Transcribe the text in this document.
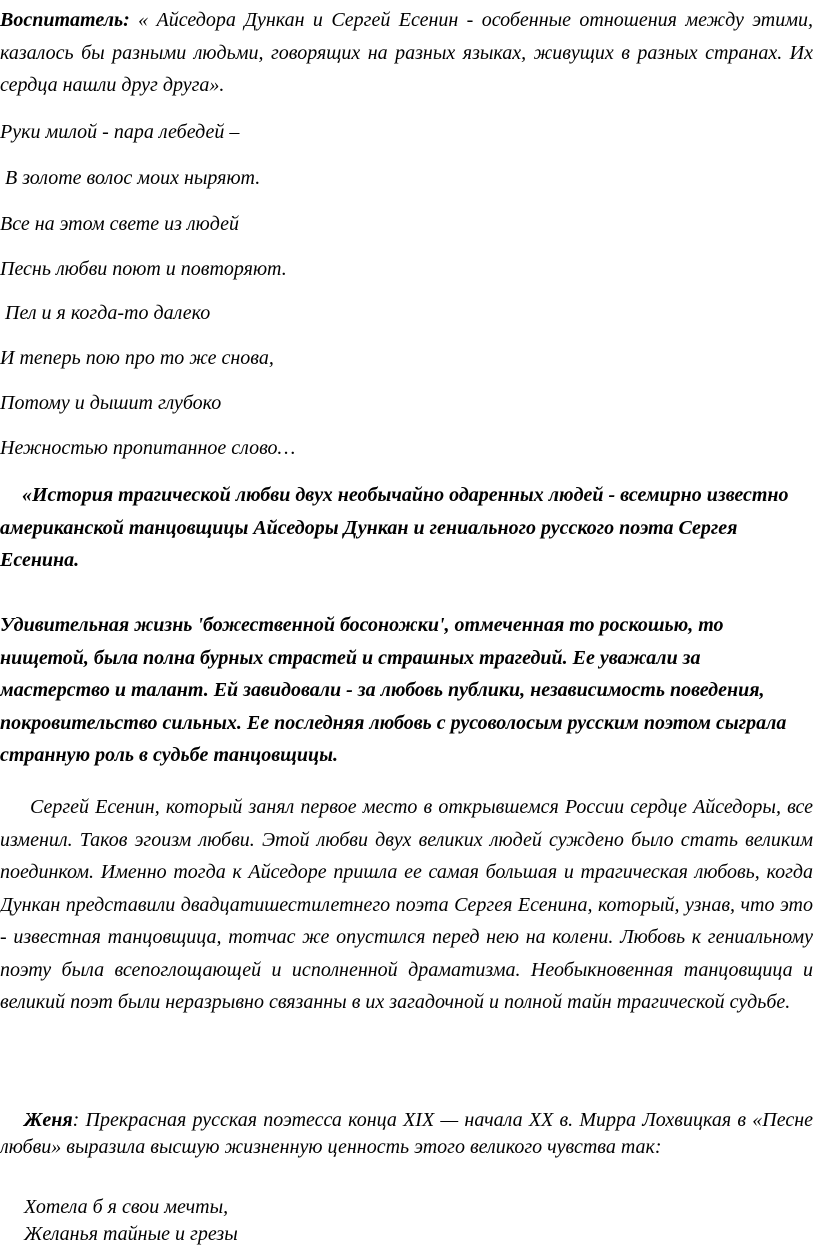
Воспитатель: « Айседора Дункан и Сергей Есенин - особенные отношения между этими, казалось бы разными людьми, говорящих на разных языках, живущих в разных странах. Их сердца нашли друг друга».

Руки милой - пара лебедей –
В золоте волос моих ныряют.
Все на этом свете из людей
Песнь любви поют и повторяют.
Пел и я когда-то далеко
И теперь пою про то же снова,
Потому и дышит глубоко
Нежностью пропитанное слово…

«История трагической любви двух необычайно одаренных людей - всемирно известно американской танцовщицы Айседоры Дункан и гениального русского поэта Сергея Есенина.

Удивительная жизнь 'божественной босоножки', отмеченная то роскошью, то нищетой, была полна бурных страстей и страшных трагедий. Ее уважали за мастерство и талант. Ей завидовали - за любовь публики, независимость поведения, покровительство сильных. Ее последняя любовь с русоволосым русским поэтом сыграла странную роль в судьбе танцовщицы.

Сергей Есенин, который занял первое место в открывшемся России сердце Айседоры, все изменил. Таков эгоизм любви. Этой любви двух великих людей суждено было стать великим поединком. Именно тогда к Айседоре пришла ее самая большая и трагическая любовь, когда Дункан представили двадцатишестилетнего поэта Сергея Есенина, который, узнав, что это - известная танцовщица, тотчас же опустился перед нею на колени. Любовь к гениальному поэту была всепоглощающей и исполненной драматизма. Необыкновенная танцовщица и великий поэт были неразрывно связанны в их загадочной и полной тайн трагической судьбе.

Женя: Прекрасная русская поэтесса конца XIX — начала XX в. Мирра Лохвицкая в «Песне любви» выразила высшую жизненную ценность этого великого чувства так:

Хотела б я свои мечты,
Желанья тайные и грезы
